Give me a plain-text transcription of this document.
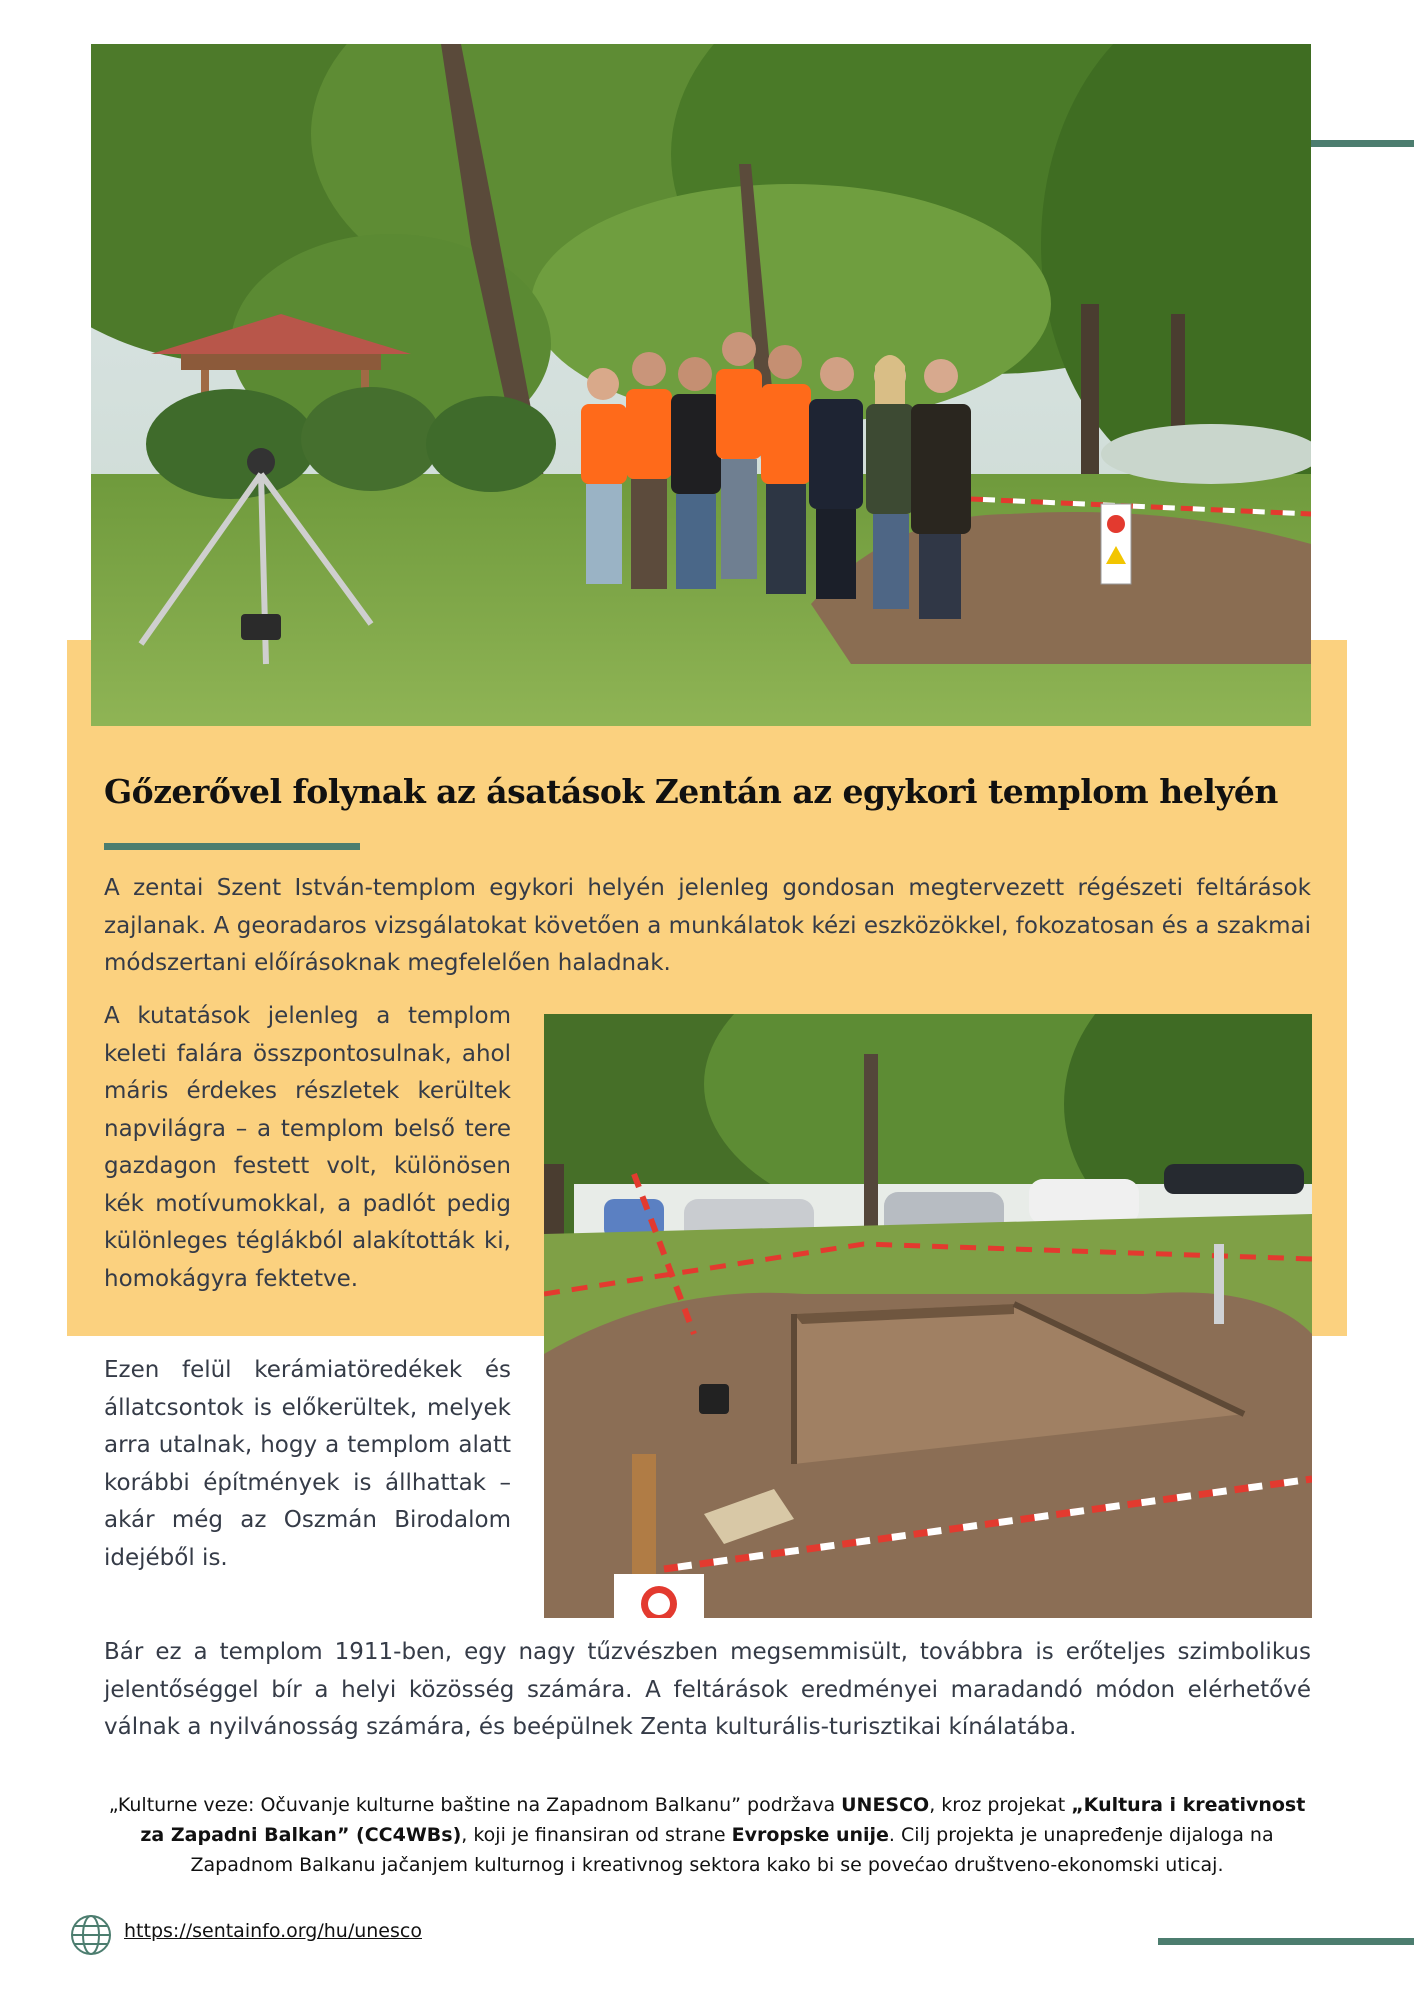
Gőzerővel folynak az ásatások Zentán az egykori templom helyén

A zentai Szent István-templom egykori helyén jelenleg gondosan megtervezett régészeti feltárások zajlanak. A georadaros vizsgálatokat követően a munkálatok kézi eszközökkel, fokozatosan és a szakmai módszertani előírásoknak megfelelően haladnak.

A kutatások jelenleg a templom keleti falára összpontosulnak, ahol máris érdekes részletek kerültek napvilágra – a templom belső tere gazdagon festett volt, különösen kék motívumokkal, a padlót pedig különleges téglákból alakították ki, homokágyra fektetve.

Ezen felül kerámiatöredékek és állatcsontok is előkerültek, melyek arra utalnak, hogy a templom alatt korábbi építmények is állhattak – akár még az Oszmán Birodalom idejéből is.

Bár ez a templom 1911-ben, egy nagy tűzvészben megsemmisült, továbbra is erőteljes szimbolikus jelentőséggel bír a helyi közösség számára. A feltárások eredményei maradandó módon elérhetővé válnak a nyilvánosság számára, és beépülnek Zenta kulturális-turisztikai kínálatába.

„Kulturne veze: Očuvanje kulturne baštine na Zapadnom Balkanu” podržava UNESCO, kroz projekat „Kultura i kreativnost za Zapadni Balkan” (CC4WBs), koji je finansiran od strane Evropske unije. Cilj projekta je unapređenje dijaloga na Zapadnom Balkanu jačanjem kulturnog i kreativnog sektora kako bi se povećao društveno-ekonomski uticaj.

https://sentainfo.org/hu/unesco
